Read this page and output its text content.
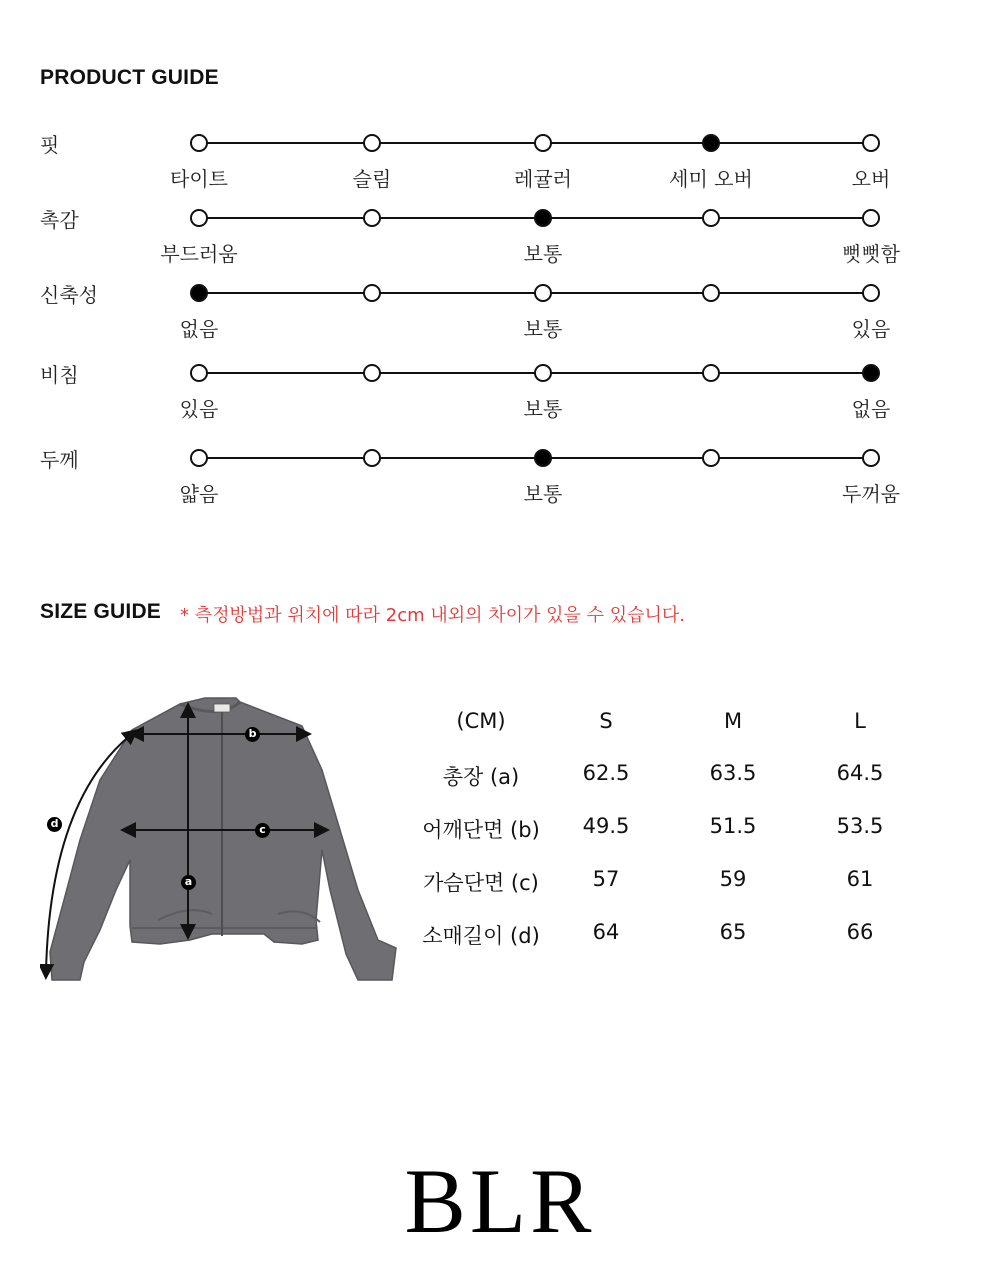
PRODUCT GUIDE
핏
타이트	슬림	레귤러	세미 오버	오버
촉감
부드러움	보통	뻣뻣함
신축성
없음	보통	있음
비침
있음	보통	없음
두께
얇음	보통	두꺼움
SIZE GUIDE * 측정방법과 위치에 따라 2cm 내외의 차이가 있을 수 있습니다.
a
b
c
d
(CM)	S	M	L
총장 (a)	62.5	63.5	64.5
어깨단면 (b) 49.5	51.5	53.5
가슴단면 (c)	57	59	61
소매길이 (d)	64	65	66
BLR
